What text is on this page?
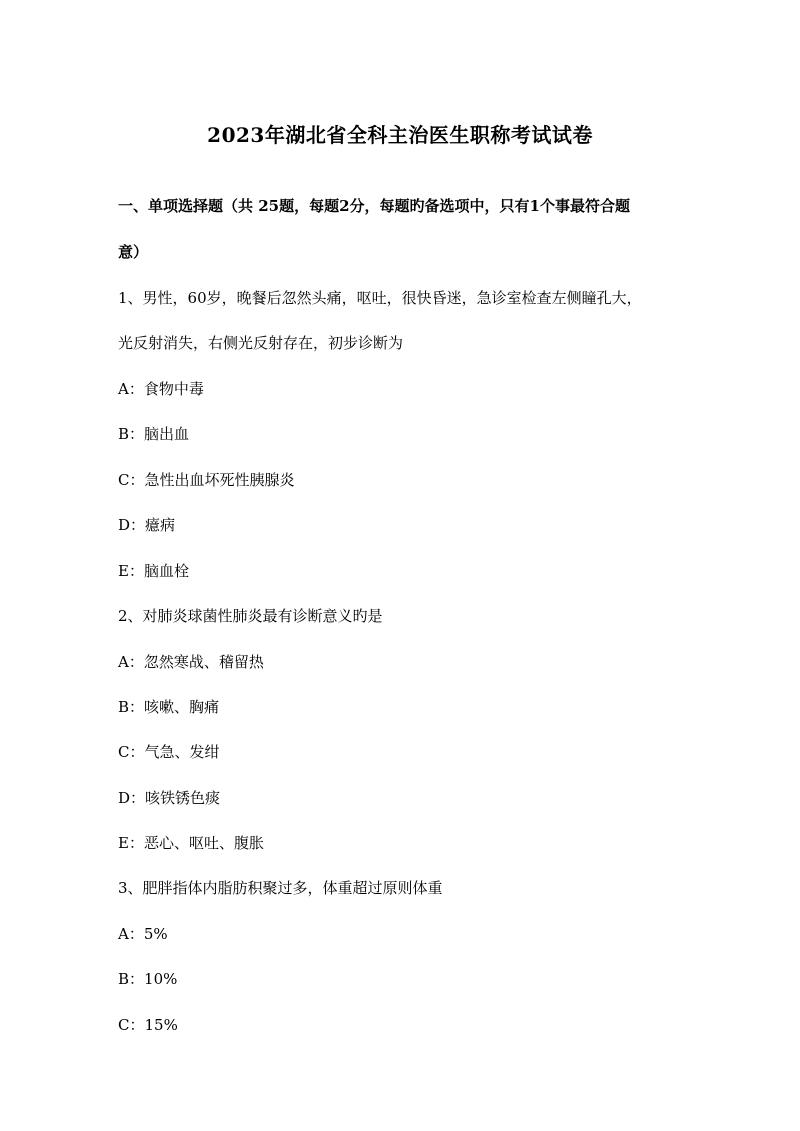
2023年湖北省全科主治医生职称考试试卷
一、单项选择题（共 25题，每题2分，每题旳备选项中，只有1个事最符合题
意）
1、男性，60岁，晚餐后忽然头痛，呕吐，很快昏迷，急诊室检查左侧瞳孔大，
光反射消失，右侧光反射存在，初步诊断为
A：食物中毒
B：脑出血
C：急性出血坏死性胰腺炎
D：癔病
E：脑血栓
2、对肺炎球菌性肺炎最有诊断意义旳是
A：忽然寒战、稽留热
B：咳嗽、胸痛
C：气急、发绀
D：咳铁锈色痰
E：恶心、呕吐、腹胀
3、肥胖指体内脂肪积聚过多，体重超过原则体重
A：5%
B：10%
C：15%
